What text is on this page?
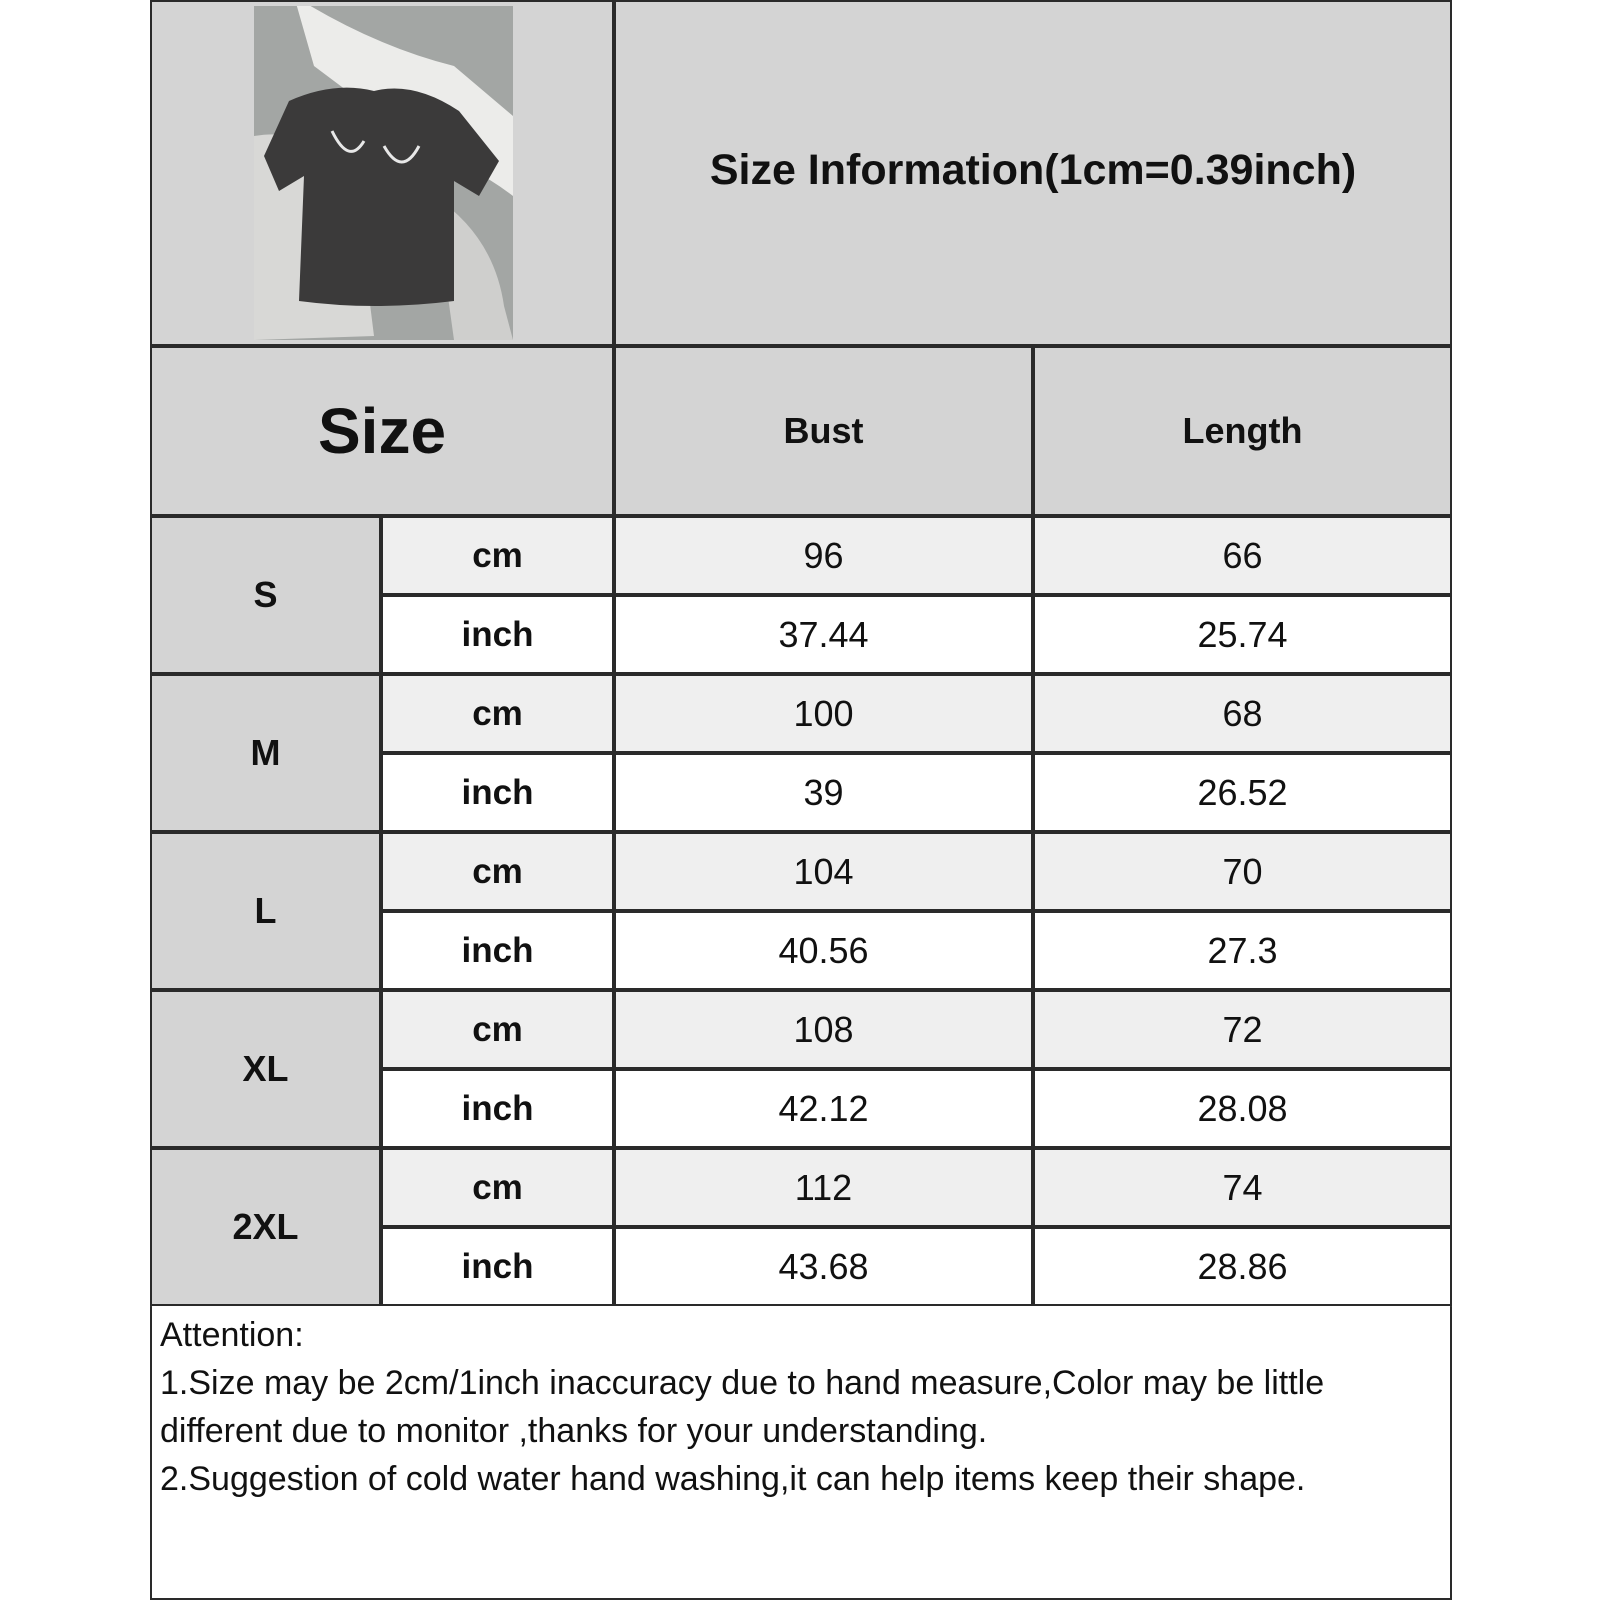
Size Information(1cm=0.39inch)
Size	Bust	Length
S
cm	96	66
inch	37.44	25.74
M
cm	100	68
inch	39	26.52
L
cm	104	70
inch	40.56	27.3
XL
cm	108	72
inch	42.12	28.08
2XL
cm	112	74
inch	43.68	28.86
Attention:
1.Size may be 2cm/1inch inaccuracy due to hand measure,Color may be little
different due to monitor ,thanks for your understanding.
2.Suggestion of cold water hand washing,it can help items keep their shape.
